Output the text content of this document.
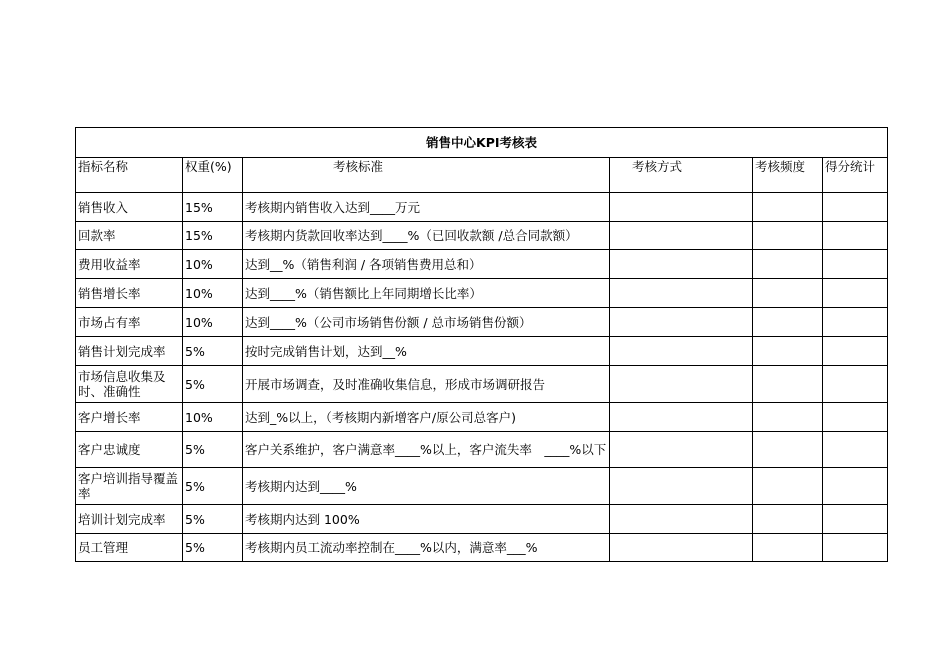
销售中心KPI考核表					
指标名称	权重(%)	考核标准	考核方式	考核频度	得分统计
销售收入	15%	考核期内销售收入达到____万元			
回款率	15%	考核期内货款回收率达到____%（已回收款额 /总合同款额）			
费用收益率	10%	达到__%（销售利润 / 各项销售费用总和）			
销售增长率	10%	达到____%（销售额比上年同期增长比率）			
市场占有率	10%	达到____%（公司市场销售份额 / 总市场销售份额）			
销售计划完成率	5%	按时完成销售计划，达到__%			
市场信息收集及时、准确性	5%	开展市场调查，及时准确收集信息，形成市场调研报告			
客户增长率	10%	达到_%以上，（考核期内新增客户/原公司总客户)			
客户忠诚度	5%	客户关系维护，客户满意率____%以上，客户流失率　____%以下			
客户培训指导覆盖率	5%	考核期内达到____%			
培训计划完成率	5%	考核期内达到 100%			
员工管理	5%	考核期内员工流动率控制在____%以内，满意率___%			
